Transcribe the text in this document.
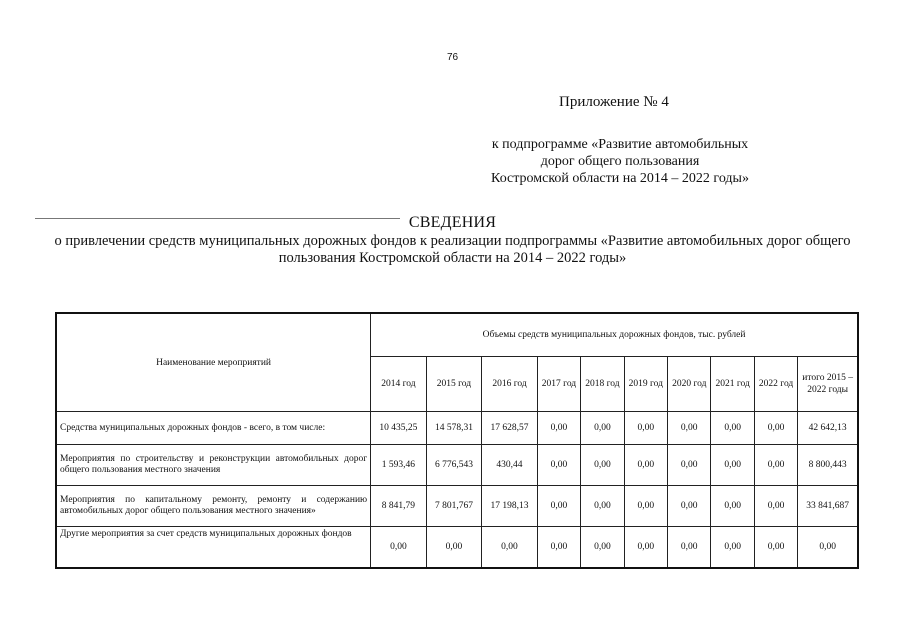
76
Приложение № 4
к подпрограмме «Развитие автомобильных
дорог общего пользования
Костромской области на 2014 – 2022 годы»
СВЕДЕНИЯ
о привлечении средств муниципальных дорожных фондов к реализации подпрограммы «Развитие автомобильных дорог общего пользования Костромской области на 2014 – 2022 годы»
Наименование мероприятий	Объемы средств муниципальных дорожных фондов, тыс. рублей									
	2014 год	2015 год	2016 год	2017 год	2018 год	2019 год	2020 год	2021 год	2022 год	итого 2015 – 2022 годы
Средства муниципальных дорожных фондов - всего, в том числе:	10 435,25	14 578,31	17 628,57	0,00	0,00	0,00	0,00	0,00	0,00	42 642,13
Мероприятия по строительству и реконструкции автомобильных дорог общего пользования местного значения	1 593,46	6 776,543	430,44	0,00	0,00	0,00	0,00	0,00	0,00	8 800,443
Мероприятия по капитальному ремонту, ремонту и содержанию автомобильных дорог общего пользования местного значения»	8 841,79	7 801,767	17 198,13	0,00	0,00	0,00	0,00	0,00	0,00	33 841,687
Другие мероприятия за счет средств муниципальных дорожных фондов	0,00	0,00	0,00	0,00	0,00	0,00	0,00	0,00	0,00	0,00
